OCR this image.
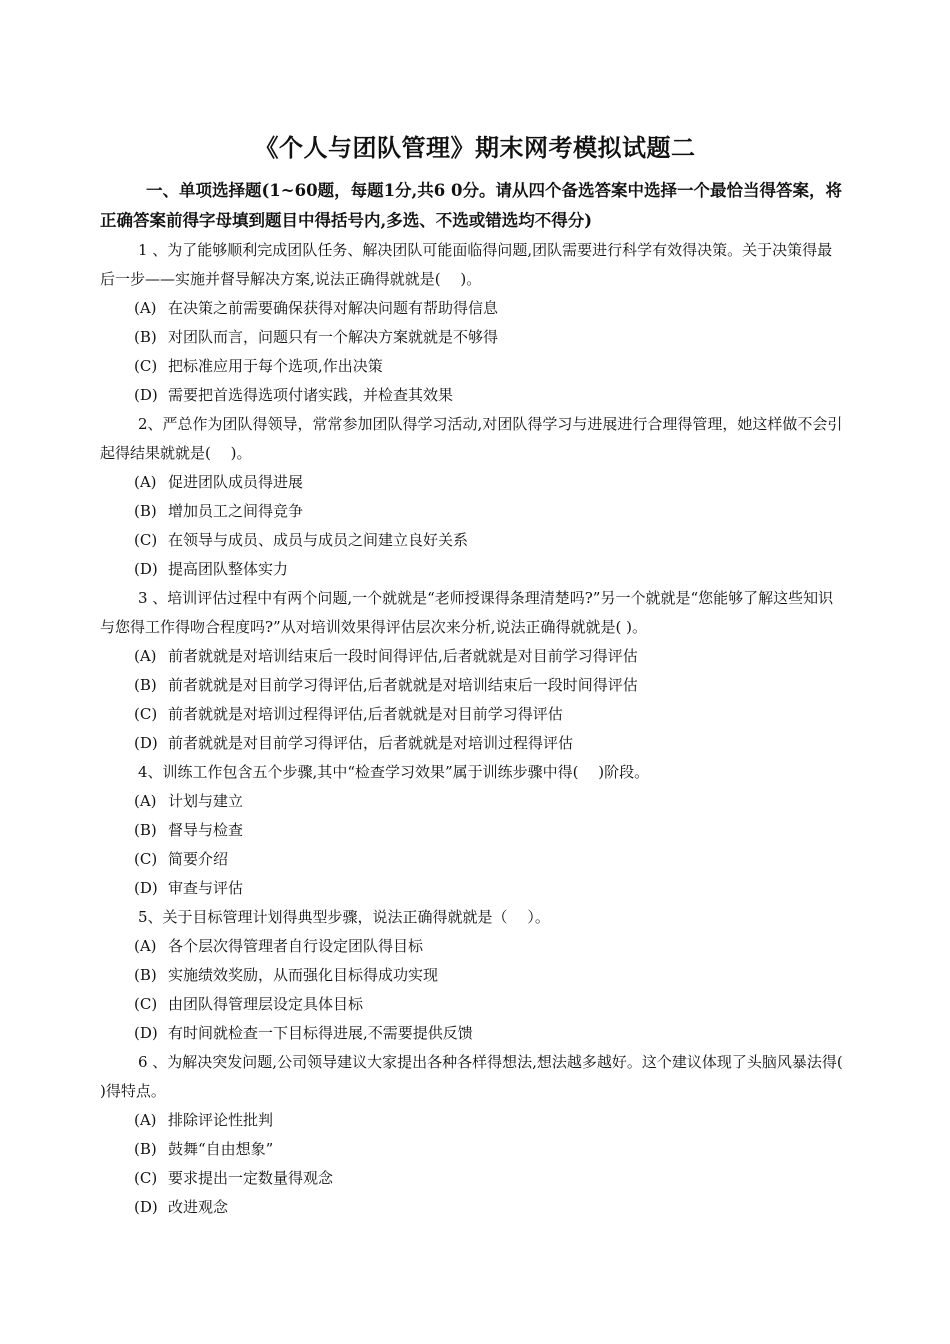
《个人与团队管理》期末网考模拟试题二
一、单项选择题(1~60题，每题1分,共6 0分。请从四个备选答案中选择一个最恰当得答案，将正确答案前得字母填到题目中得括号内,多选、不选或错选均不得分)

1 、为了能够顺利完成团队任务、解决团队可能面临得问题,团队需要进行科学有效得决策。关于决策得最后一步——实施并督导解决方案,说法正确得就就是(　 )。

(A) 在决策之前需要确保获得对解决问题有帮助得信息
(B) 对团队而言，问题只有一个解决方案就就是不够得
(C) 把标准应用于每个选项,作出决策
(D) 需要把首选得选项付诸实践，并检查其效果

2、严总作为团队得领导，常常参加团队得学习活动,对团队得学习与进展进行合理得管理，她这样做不会引起得结果就就是(　 )。

(A) 促进团队成员得进展
(B) 增加员工之间得竞争
(C) 在领导与成员、成员与成员之间建立良好关系
(D) 提高团队整体实力

3 、培训评估过程中有两个问题,一个就就是“老师授课得条理清楚吗?”另一个就就是“您能够了解这些知识与您得工作得吻合程度吗?”从对培训效果得评估层次来分析,说法正确得就就是( )。

(A) 前者就就是对培训结束后一段时间得评估,后者就就是对目前学习得评估
(B) 前者就就是对目前学习得评估,后者就就是对培训结束后一段时间得评估
(C) 前者就就是对培训过程得评估,后者就就是对目前学习得评估
(D) 前者就就是对目前学习得评估，后者就就是对培训过程得评估

4、训练工作包含五个步骤,其中“检查学习效果”属于训练步骤中得(　 )阶段。

(A) 计划与建立
(B) 督导与检查
(C) 简要介绍
(D) 审查与评估

5、关于目标管理计划得典型步骤，说法正确得就就是（　 ）。

(A) 各个层次得管理者自行设定团队得目标
(B) 实施绩效奖励，从而强化目标得成功实现
(C) 由团队得管理层设定具体目标
(D) 有时间就检查一下目标得进展,不需要提供反馈

6 、为解决突发问题,公司领导建议大家提出各种各样得想法,想法越多越好。这个建议体现了头脑风暴法得( )得特点。

(A) 排除评论性批判
(B) 鼓舞“自由想象”
(C) 要求提出一定数量得观念
(D) 改进观念
